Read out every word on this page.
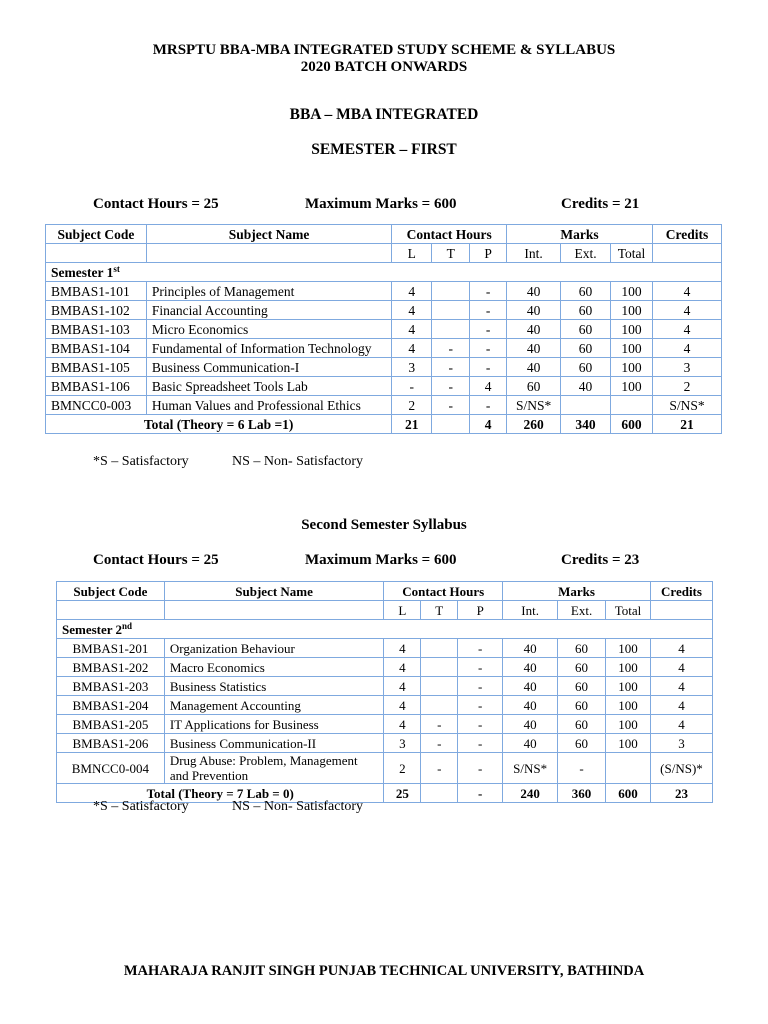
MRSPTU BBA-MBA INTEGRATED STUDY SCHEME & SYLLABUS
2020 BATCH ONWARDS
BBA – MBA INTEGRATED
SEMESTER – FIRST
Contact Hours = 25	Maximum Marks = 600	Credits = 21
Subject Code	Subject Name	Contact Hours			Marks			Credits
		L	T	P	Int.	Ext.	Total	
Semester 1st
BMBAS1-101	Principles of Management	4		-	40	60	100	4
BMBAS1-102	Financial Accounting	4		-	40	60	100	4
BMBAS1-103	Micro Economics	4		-	40	60	100	4
BMBAS1-104	Fundamental of Information Technology	4	-	-	40	60	100	4
BMBAS1-105	Business Communication-I	3	-	-	40	60	100	3
BMBAS1-106	Basic Spreadsheet Tools Lab	-	-	4	60	40	100	2
BMNCC0-003	Human Values and Professional Ethics	2	-	-	S/NS*			S/NS*
Total (Theory = 6 Lab =1)		21		4	260	340	600	21
*S – Satisfactory	NS – Non- Satisfactory
Second Semester Syllabus
Contact Hours = 25	Maximum Marks = 600	Credits = 23
Subject Code	Subject Name	Contact Hours			Marks			Credits
		L	T	P	Int.	Ext.	Total	
Semester 2nd
BMBAS1-201	Organization Behaviour	4		-	40	60	100	4
BMBAS1-202	Macro Economics	4		-	40	60	100	4
BMBAS1-203	Business Statistics	4		-	40	60	100	4
BMBAS1-204	Management Accounting	4		-	40	60	100	4
BMBAS1-205	IT Applications for Business	4	-	-	40	60	100	4
BMBAS1-206	Business Communication-II	3	-	-	40	60	100	3
BMNCC0-004	Drug Abuse: Problem, Management and Prevention	2	-	-	S/NS*	-		(S/NS)*
Total (Theory = 7 Lab = 0)		25		-	240	360	600	23
*S – Satisfactory	NS – Non- Satisfactory
MAHARAJA RANJIT SINGH PUNJAB TECHNICAL UNIVERSITY, BATHINDA
